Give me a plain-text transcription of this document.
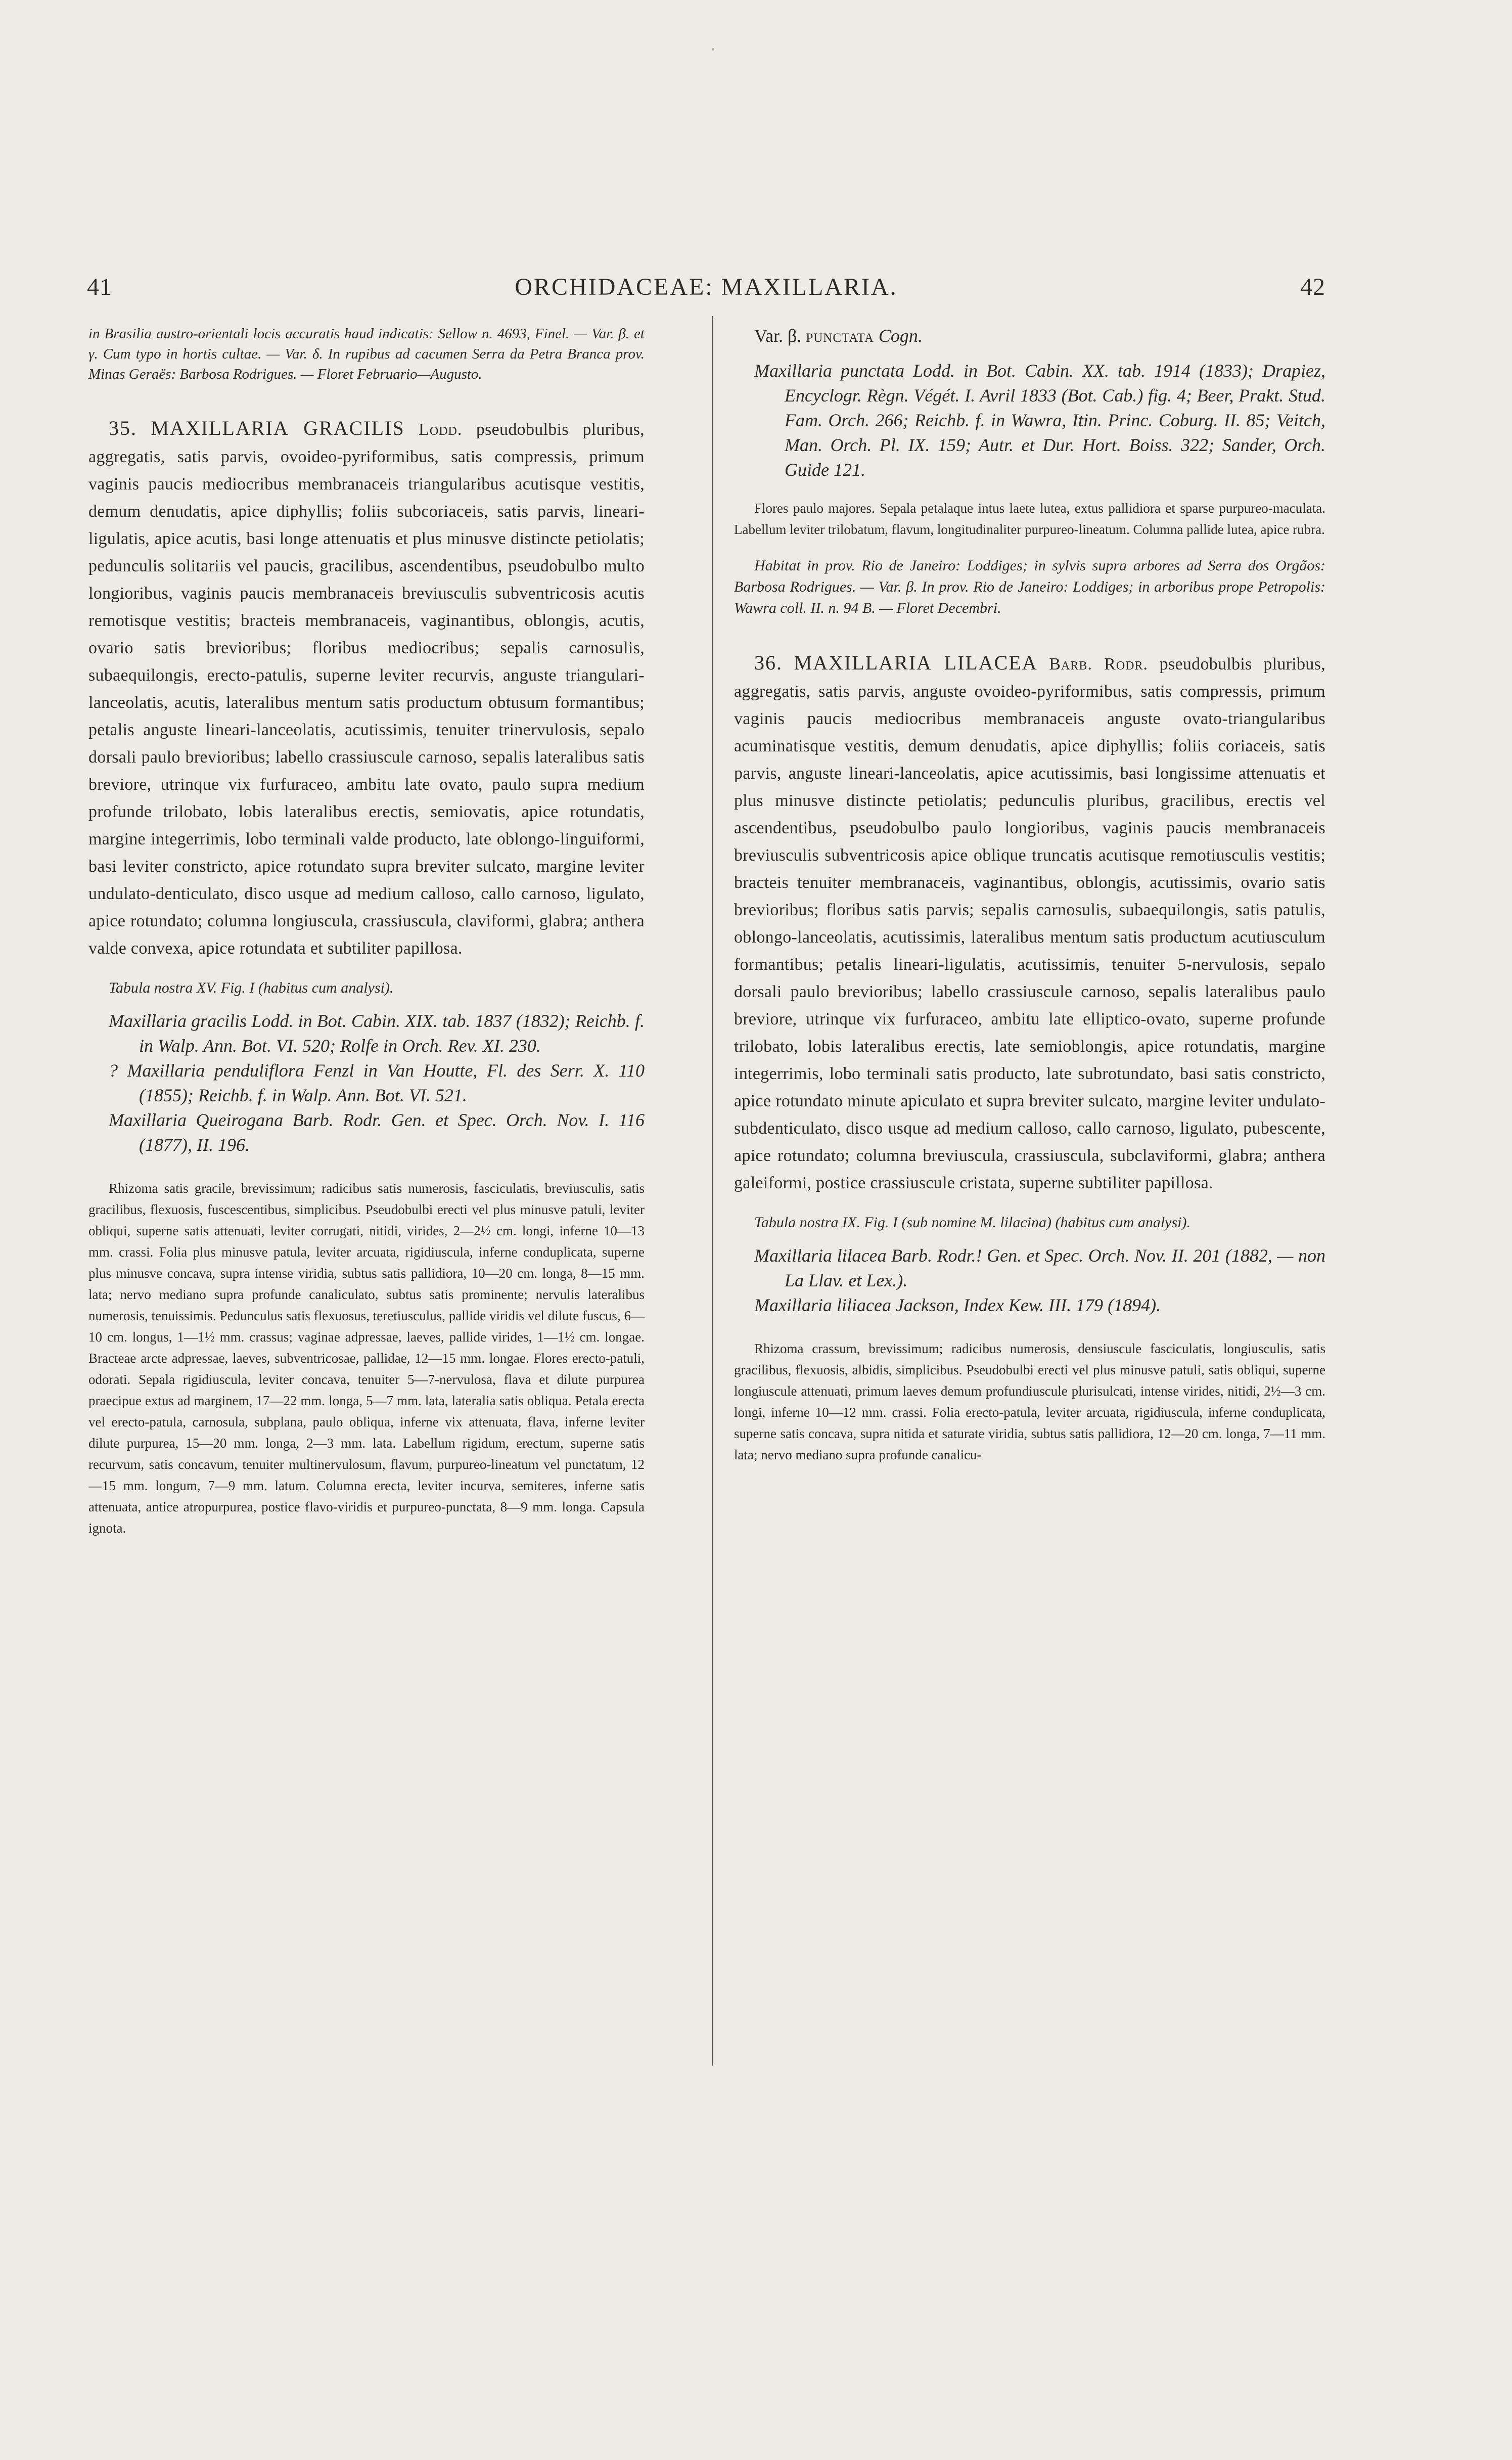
41	ORCHIDACEAE: MAXILLARIA.	42

in Brasilia austro-orientali locis accuratis haud indicatis: Sellow n. 4693, Finel. — Var. β. et γ. Cum typo in hortis cultae. — Var. δ. In rupibus ad cacumen Serra da Petra Branca prov. Minas Geraës: Barbosa Rodrigues. — Floret Februario—Augusto.

35. MAXILLARIA GRACILIS Lodd. pseudobulbis pluribus, aggregatis, satis parvis, ovoideo-pyriformibus, satis compressis, primum vaginis paucis mediocribus membranaceis triangularibus acutisque vestitis, demum denudatis, apice diphyllis; foliis subcoriaceis, satis parvis, lineari-ligulatis, apice acutis, basi longe attenuatis et plus minusve distincte petiolatis; pedunculis solitariis vel paucis, gracilibus, ascendentibus, pseudobulbo multo longioribus, vaginis paucis membranaceis breviusculis subventricosis acutis remotisque vestitis; bracteis membranaceis, vaginantibus, oblongis, acutis, ovario satis brevioribus; floribus mediocribus; sepalis carnosulis, subaequilongis, erecto-patulis, superne leviter recurvis, anguste triangulari-lanceolatis, acutis, lateralibus mentum satis productum obtusum formantibus; petalis anguste lineari-lanceolatis, acutissimis, tenuiter trinervulosis, sepalo dorsali paulo brevioribus; labello crassiuscule carnoso, sepalis lateralibus satis breviore, utrinque vix furfuraceo, ambitu late ovato, paulo supra medium profunde trilobato, lobis lateralibus erectis, semiovatis, apice rotundatis, margine integerrimis, lobo terminali valde producto, late oblongo-linguiformi, basi leviter constricto, apice rotundato supra breviter sulcato, margine leviter undulato-denticulato, disco usque ad medium calloso, callo carnoso, ligulato, apice rotundato; columna longiuscula, crassiuscula, claviformi, glabra; anthera valde convexa, apice rotundata et subtiliter papillosa.

Tabula nostra XV. Fig. I (habitus cum analysi).

Maxillaria gracilis Lodd. in Bot. Cabin. XIX. tab. 1837 (1832); Reichb. f. in Walp. Ann. Bot. VI. 520; Rolfe in Orch. Rev. XI. 230.

? Maxillaria penduliflora Fenzl in Van Houtte, Fl. des Serr. X. 110 (1855); Reichb. f. in Walp. Ann. Bot. VI. 521.

Maxillaria Queirogana Barb. Rodr. Gen. et Spec. Orch. Nov. I. 116 (1877), II. 196.

Rhizoma satis gracile, brevissimum; radicibus satis numerosis, fasciculatis, breviusculis, satis gracilibus, flexuosis, fuscescentibus, simplicibus. Pseudobulbi erecti vel plus minusve patuli, leviter obliqui, superne satis attenuati, leviter corrugati, nitidi, virides, 2—2½ cm. longi, inferne 10—13 mm. crassi. Folia plus minusve patula, leviter arcuata, rigidiuscula, inferne conduplicata, superne plus minusve concava, supra intense viridia, subtus satis pallidiora, 10—20 cm. longa, 8—15 mm. lata; nervo mediano supra profunde canaliculato, subtus satis prominente; nervulis lateralibus numerosis, tenuissimis. Pedunculus satis flexuosus, teretiusculus, pallide viridis vel dilute fuscus, 6—10 cm. longus, 1—1½ mm. crassus; vaginae adpressae, laeves, pallide virides, 1—1½ cm. longae. Bracteae arcte adpressae, laeves, subventricosae, pallidae, 12—15 mm. longae. Flores erecto-patuli, odorati. Sepala rigidiuscula, leviter concava, tenuiter 5—7-nervulosa, flava et dilute purpurea praecipue extus ad marginem, 17—22 mm. longa, 5—7 mm. lata, lateralia satis obliqua. Petala erecta vel erecto-patula, carnosula, subplana, paulo obliqua, inferne vix attenuata, flava, inferne leviter dilute purpurea, 15—20 mm. longa, 2—3 mm. lata. Labellum rigidum, erectum, superne satis recurvum, satis concavum, tenuiter multinervulosum, flavum, purpureo-lineatum vel punctatum, 12—15 mm. longum, 7—9 mm. latum. Columna erecta, leviter incurva, semiteres, inferne satis attenuata, antice atropurpurea, postice flavo-viridis et purpureo-punctata, 8—9 mm. longa. Capsula ignota.

Var. β. punctata Cogn.

Maxillaria punctata Lodd. in Bot. Cabin. XX. tab. 1914 (1833); Drapiez, Encyclogr. Règn. Végét. I. Avril 1833 (Bot. Cab.) fig. 4; Beer, Prakt. Stud. Fam. Orch. 266; Reichb. f. in Wawra, Itin. Princ. Coburg. II. 85; Veitch, Man. Orch. Pl. IX. 159; Autr. et Dur. Hort. Boiss. 322; Sander, Orch. Guide 121.

Flores paulo majores. Sepala petalaque intus laete lutea, extus pallidiora et sparse purpureo-maculata. Labellum leviter trilobatum, flavum, longitudinaliter purpureo-lineatum. Columna pallide lutea, apice rubra.

Habitat in prov. Rio de Janeiro: Loddiges; in sylvis supra arbores ad Serra dos Orgãos: Barbosa Rodrigues. — Var. β. In prov. Rio de Janeiro: Loddiges; in arboribus prope Petropolis: Wawra coll. II. n. 94 B. — Floret Decembri.

36. MAXILLARIA LILACEA Barb. Rodr. pseudobulbis pluribus, aggregatis, satis parvis, anguste ovoideo-pyriformibus, satis compressis, primum vaginis paucis mediocribus membranaceis anguste ovato-triangularibus acuminatisque vestitis, demum denudatis, apice diphyllis; foliis coriaceis, satis parvis, anguste lineari-lanceolatis, apice acutissimis, basi longissime attenuatis et plus minusve distincte petiolatis; pedunculis pluribus, gracilibus, erectis vel ascendentibus, pseudobulbo paulo longioribus, vaginis paucis membranaceis breviusculis subventricosis apice oblique truncatis acutisque remotiusculis vestitis; bracteis tenuiter membranaceis, vaginantibus, oblongis, acutissimis, ovario satis brevioribus; floribus satis parvis; sepalis carnosulis, subaequilongis, satis patulis, oblongo-lanceolatis, acutissimis, lateralibus mentum satis productum acutiusculum formantibus; petalis lineari-ligulatis, acutissimis, tenuiter 5-nervulosis, sepalo dorsali paulo brevioribus; labello crassiuscule carnoso, sepalis lateralibus paulo breviore, utrinque vix furfuraceo, ambitu late elliptico-ovato, superne profunde trilobato, lobis lateralibus erectis, late semioblongis, apice rotundatis, margine integerrimis, lobo terminali satis producto, late subrotundato, basi satis constricto, apice rotundato minute apiculato et supra breviter sulcato, margine leviter undulato-subdenticulato, disco usque ad medium calloso, callo carnoso, ligulato, pubescente, apice rotundato; columna breviuscula, crassiuscula, subclaviformi, glabra; anthera galeiformi, postice crassiuscule cristata, superne subtiliter papillosa.

Tabula nostra IX. Fig. I (sub nomine M. lilacina) (habitus cum analysi).

Maxillaria lilacea Barb. Rodr.! Gen. et Spec. Orch. Nov. II. 201 (1882, — non La Llav. et Lex.).

Maxillaria liliacea Jackson, Index Kew. III. 179 (1894).

Rhizoma crassum, brevissimum; radicibus numerosis, densiuscule fasciculatis, longiusculis, satis gracilibus, flexuosis, albidis, simplicibus. Pseudobulbi erecti vel plus minusve patuli, satis obliqui, superne longiuscule attenuati, primum laeves demum profundiuscule plurisulcati, intense virides, nitidi, 2½—3 cm. longi, inferne 10—12 mm. crassi. Folia erecto-patula, leviter arcuata, rigidiuscula, inferne conduplicata, superne satis concava, supra nitida et saturate viridia, subtus satis pallidiora, 12—20 cm. longa, 7—11 mm. lata; nervo mediano supra profunde canalicu-
